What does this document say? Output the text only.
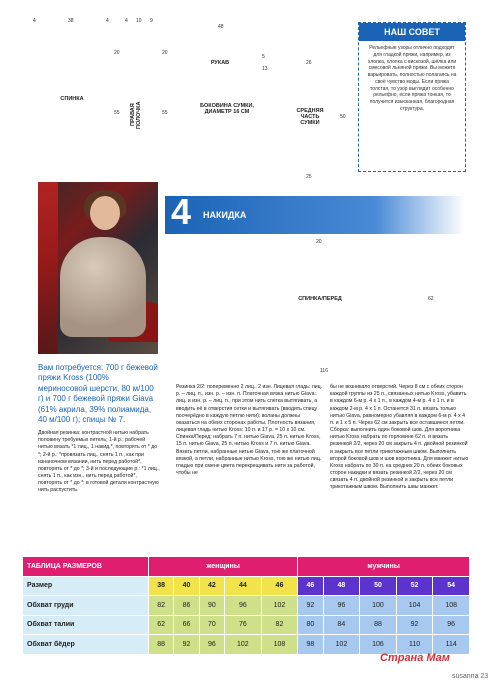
4	38	4	4 10 9
20
55
20
55
48
5
13
26
50
25
СПИНКА
ПРАВАЯ ПОЛОЧКА
РУКАВ
БОКОВИНА СУМКИ, ДИАМЕТР 16 СМ	СРЕДНЯЯ ЧАСТЬ СУМКИ
НАШ СОВЕТ
Рельефные узоры отлично подходят для гладкой пряжи, например, из хлопка, хлопка с вискозой, шёлка или смесовой льняной пряжи. Вы можете варьировать, полностью полагаясь на своё чувство моды. Если пряжа толстая, то узор выглядит особенно рельефно, если пряжа тонкая, то получится изысканная, благородная структура.
4 НАКИДКА
20
62
116
СПИНКА/ПЕРЕД
Вам потребуется: 700 г бежевой пряжи Kross (100% мериносовой шерсти, 80 м/100 г) и 700 г бежевой пряжи Giava (61% акрила, 39% полиамида, 40 м/100 г); спицы № 7.
Двойная резинка: контрастной нитью набрать половину требуемых петель; 1-й р.: рабочей нитью вязать *1 лиц., 1 накид.*, повторять от * до *; 2-й р.: *провязать лиц., снять 1 п., как при изнаночном вязании, нить перед работой*, повторять от * до *; 3-й и последующие р.: *1 лиц., снять 1 п., как изн., нить перед работой*, повторять от * до *; в готовой детали контрастную нить распустить.
Резинка 2/2: попеременно 2 лиц., 2 изн. Лицевая гладь: лиц. р. – лиц. п., изн. р. – изн. п. Платочная вязка нитью Giava: лиц. и изн. р. – лиц. п., при этом нить слегка вытягивать, а вводить её в отверстия сетки и вытягивать (вводить спицу поочерёдно в каждую петлю нити); воланы должны оказаться на обеих сторонах работы. Плотность вязания, лицевая гладь нитью Kross: 10 п. и 17 р. = 10 х 10 см. Спинка/Перед: набрать 7 п. нитью Giava, 25 п. нитью Kross, 15 п. нитью Giava, 25 п. нитью Kross и 7 п. нитью Giava. Вязать петли, набранные нитью Giava, тою же платочной вязкой, а петли, набранные нитью Kross, тою же нитью лиц. гладью при смене цвета перекрещивать нити за работой, чтобы не
бы не возникало отверстий. Через 8 см с обеих сторон каждой группы из 25 п., связанных нитью Kross, убавить в каждом 6-м р. 4 х 1 п., в каждом 4-м р. 4 х 1 п. и в каждом 2-м р. 4 х 1 п. Останется 31 п. вязать только нитью Giava, равномерно убавляя в каждом 6-м р. 4 х 4 п. и 1 х 5 п. Через 62 см закрыть все оставшиеся петли. Сборка: выполнить один боковой шов. Для воротника нитью Kross набрать по горловине 62 п. и вязать резинкой 2/2, через 20 см закрыть 4 п. двойной резинкой и закрыть все петли трикотажным швом. Выполнить второй боковой шов и шов воротника. Для манжет нитью Kross набрать по 30 п. на средних 20 п. обеих боковых сторон накидки и вязать резинкой 2/2, через 20 см связать 4 п. двойной резинкой и закрыть все петли трикотажным швом. Выполнить швы манжет.
ТАБЛИЦА РАЗМЕРОВ	женщины					мужчины				
Размер	38	40	42	44	46	46	48	50	52	54
Обхват груди	82	86	90	96	102	92	96	100	104	108
Обхват талии	62	66	70	76	82	80	84	88	92	96
Обхват бёдер	88	92	96	102	108	98	102	106	110	114
Страна Мам
susanna 23
